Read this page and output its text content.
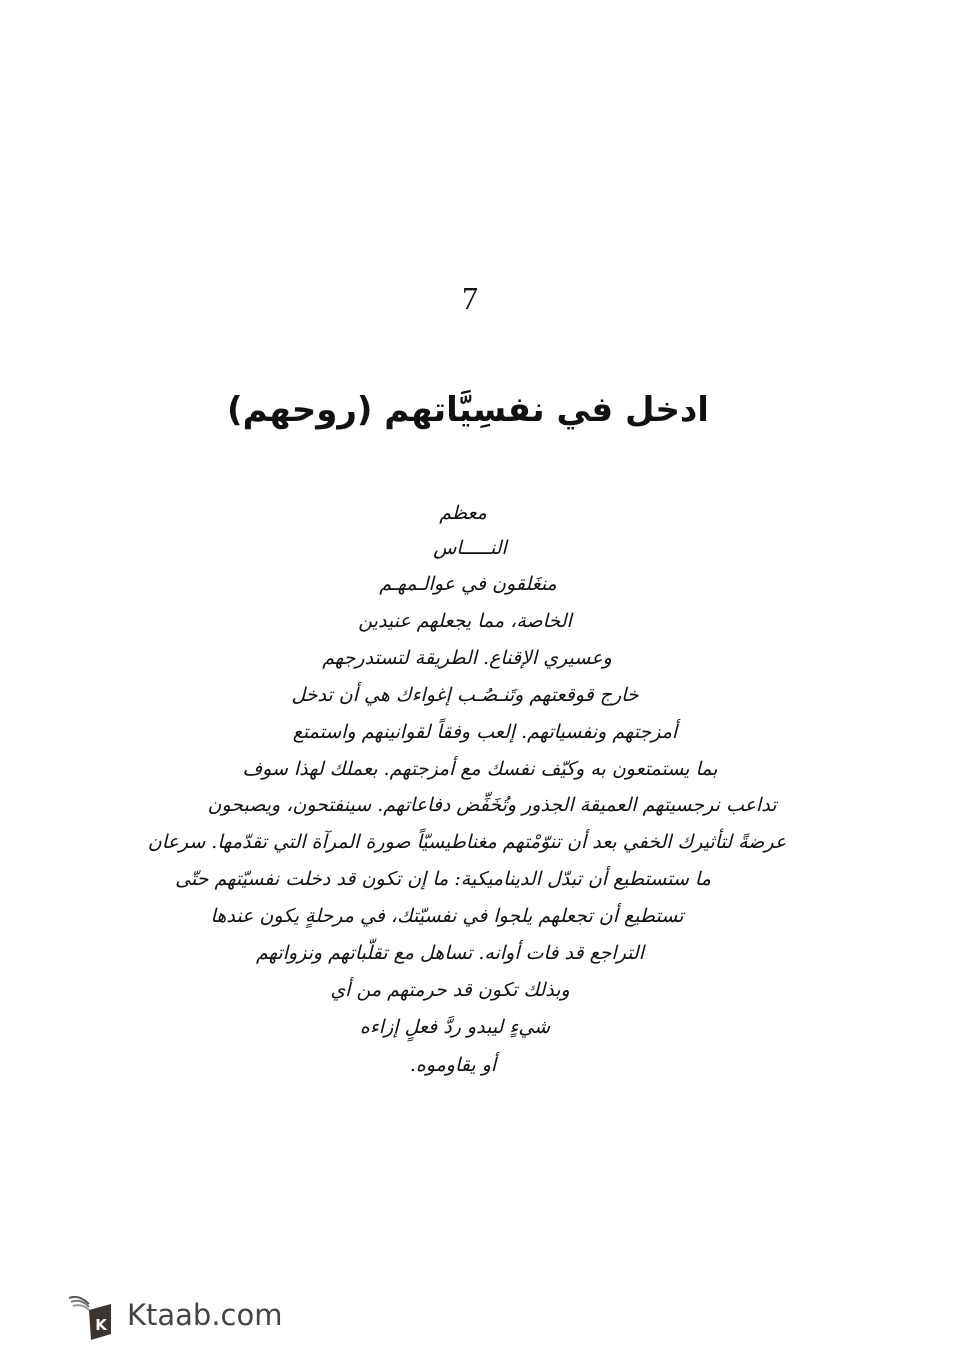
7
ادخل في نفسِيَّاتهم (روحهم)
معظم
النـــــاس
منغَلقون في عوالـمهـم
الخاصة، مما يجعلهم عنيدين
وعسيري الإقناع. الطريقة لتستدرجهم
خارج قوقعتهم وتَنـصُـب إغواءك هي أن تدخل
أمزجتهم ونفسياتهم. إلعب وفقاً لقوانينهم واستمتع
بما يستمتعون به وكيّف نفسك مع أمزجتهم. بعملك لهذا سوف
تداعب نرجسيتهم العميقة الجذور وتُخَفِّض دفاعاتهم. سينفتحون، ويصبحون
عرضةً لتأثيرك الخفي بعد أن تنوّمْتهم مغناطيسيّاً صورة المرآة التي تقدّمها. سرعان
ما ستستطيع أن تبدّل الديناميكية: ما إن تكون قد دخلت نفسيّتهم حتّى
تستطيع أن تجعلهم يلجوا في نفسيّتك، في مرحلةٍ يكون عندها
التراجع قد فات أوانه. تساهل مع تقلّباتهم ونزواتهم
وبذلك تكون قد حرمتهم من أي
شيءٍ ليبدو ردَّ فعلٍ إزاءه
أو يقاوموه.
K Ktaab.com
